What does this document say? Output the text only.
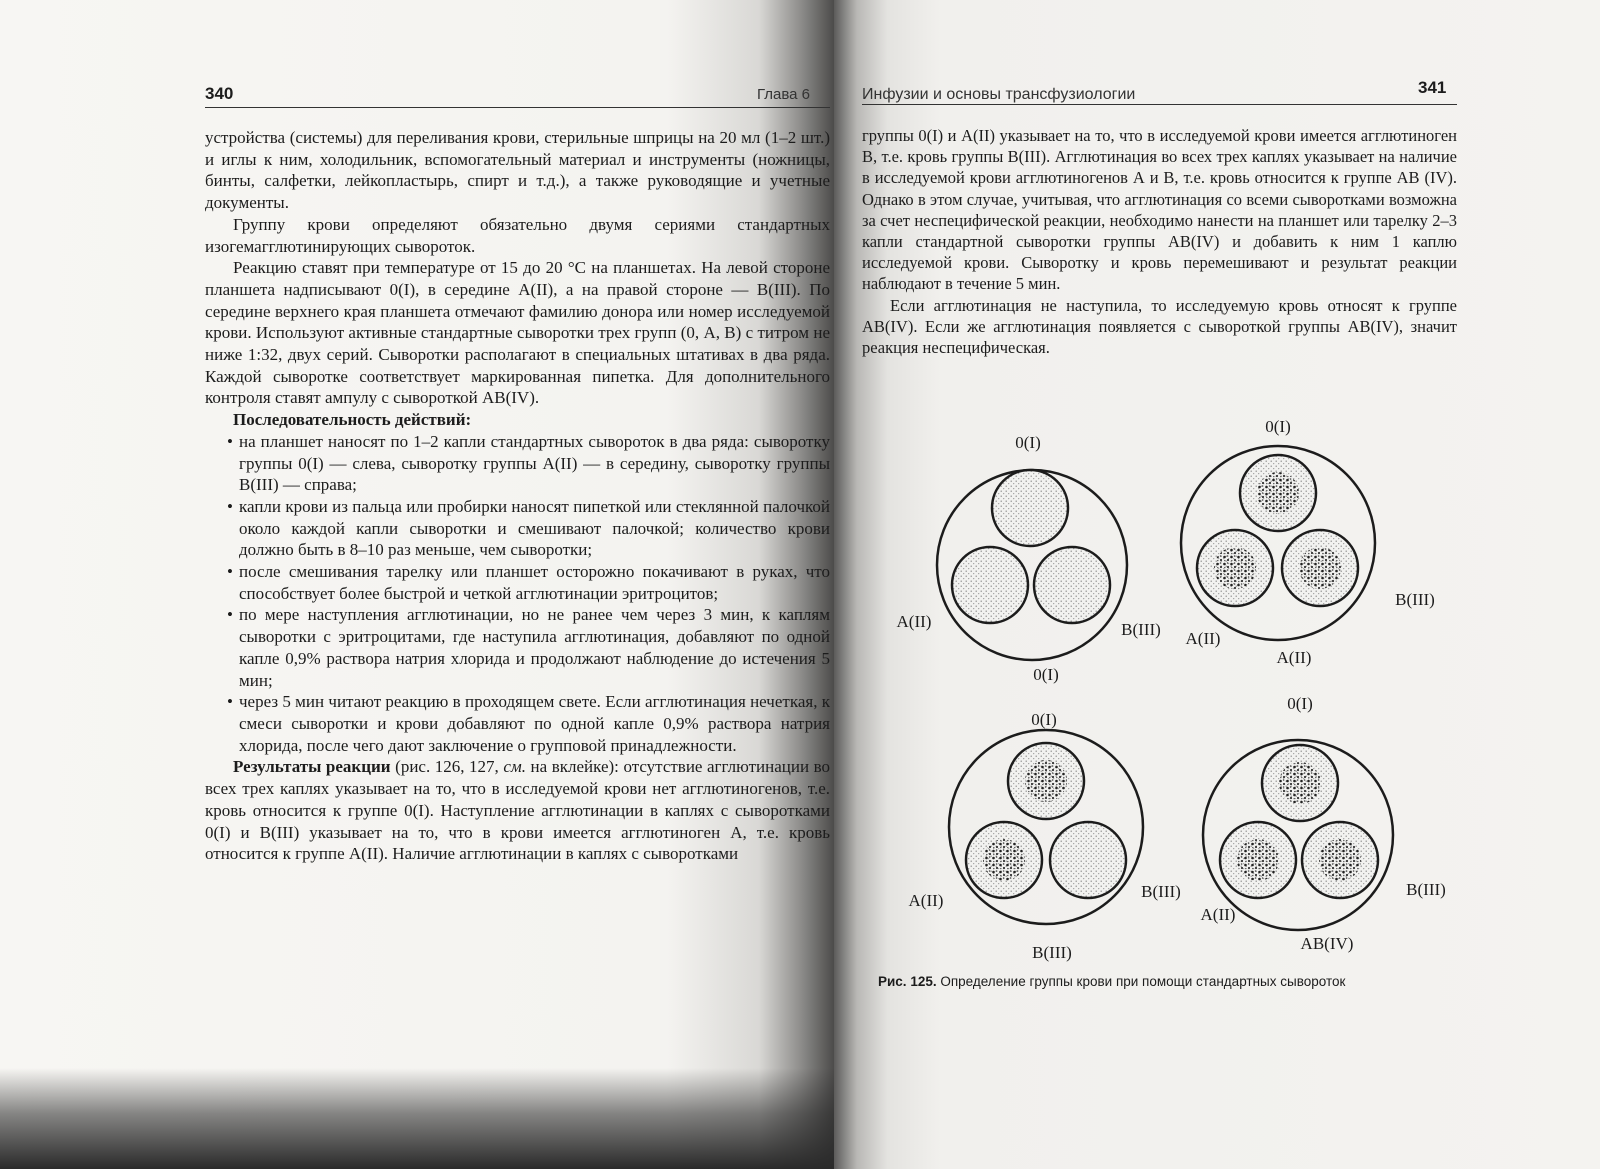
340	Глава 6

устройства (системы) для переливания крови, стерильные шприцы на 20 мл (1–2 шт.) и иглы к ним, холодильник, вспомогательный материал и инструменты (ножницы, бинты, салфетки, лейкопластырь, спирт и т.д.), а также руководящие и учетные документы.

Группу крови определяют обязательно двумя сериями стандартных изогемагглютинирующих сывороток.

Реакцию ставят при температуре от 15 до 20 °С на планшетах. На левой стороне планшета надписывают 0(I), в середине А(II), а на правой стороне — В(III). По середине верхнего края планшета отмечают фамилию донора или номер исследуемой крови. Используют активные стандартные сыворотки трех групп (0, А, В) с титром не ниже 1:32, двух серий. Сыворотки располагают в специальных штативах в два ряда. Каждой сыворотке соответствует маркированная пипетка. Для дополнительного контроля ставят ампулу с сывороткой АВ(IV).

Последовательность действий:

• на планшет наносят по 1–2 капли стандартных сывороток в два ряда: сыворотку группы 0(I) — слева, сыворотку группы А(II) — в середину, сыворотку группы В(III) — справа;
• капли крови из пальца или пробирки наносят пипеткой или стеклянной палочкой около каждой капли сыворотки и смешивают палочкой; количество крови должно быть в 8–10 раз меньше, чем сыворотки;
• после смешивания тарелку или планшет осторожно покачивают в руках, что способствует более быстрой и четкой агглютинации эритроцитов;
• по мере наступления агглютинации, но не ранее чем через 3 мин, к каплям сыворотки с эритроцитами, где наступила агглютинация, добавляют по одной капле 0,9% раствора натрия хлорида и продолжают наблюдение до истечения 5 мин;
• через 5 мин читают реакцию в проходящем свете. Если агглютинация нечеткая, к смеси сыворотки и крови добавляют по одной капле 0,9% раствора натрия хлорида, после чего дают заключение о групповой принадлежности.

Результаты реакции (рис. 126, 127, см. на вклейке): отсутствие агглютинации во всех трех каплях указывает на то, что в исследуемой крови нет агглютиногенов, т.е. кровь относится к группе 0(I). Наступление агглютинации в каплях с сыворотками 0(I) и В(III) указывает на то, что в крови имеется агглютиноген А, т.е. кровь относится к группе А(II). Наличие агглютинации в каплях с сыворотками

Инфузии и основы трансфузиологии	341

группы 0(I) и А(II) указывает на то, что в исследуемой крови имеется агглютиноген В, т.е. кровь группы В(III). Агглютинация во всех трех каплях указывает на наличие в исследуемой крови агглютиногенов А и В, т.е. кровь относится к группе АВ (IV). Однако в этом случае, учитывая, что агглютинация со всеми сыворотками возможна за счет неспецифической реакции, необходимо нанести на планшет или тарелку 2–3 капли стандартной сыворотки группы АВ(IV) и добавить к ним 1 каплю исследуемой крови. Сыворотку и кровь перемешивают и результат реакции наблюдают в течение 5 мин.

Если агглютинация не наступила, то исследуемую кровь относят к группе АВ(IV). Если же агглютинация появляется с сывороткой группы АВ(IV), значит реакция неспецифическая.

0(I)
А(II)	В(III)
0(I)
0(I)
А(II)
В(III)
А(II)
0(I)
А(II)	В(III)
В(III)
0(I)
А(II)
В(III)
АВ(IV)
Рис. 125. Определение группы крови при помощи стандартных сывороток
